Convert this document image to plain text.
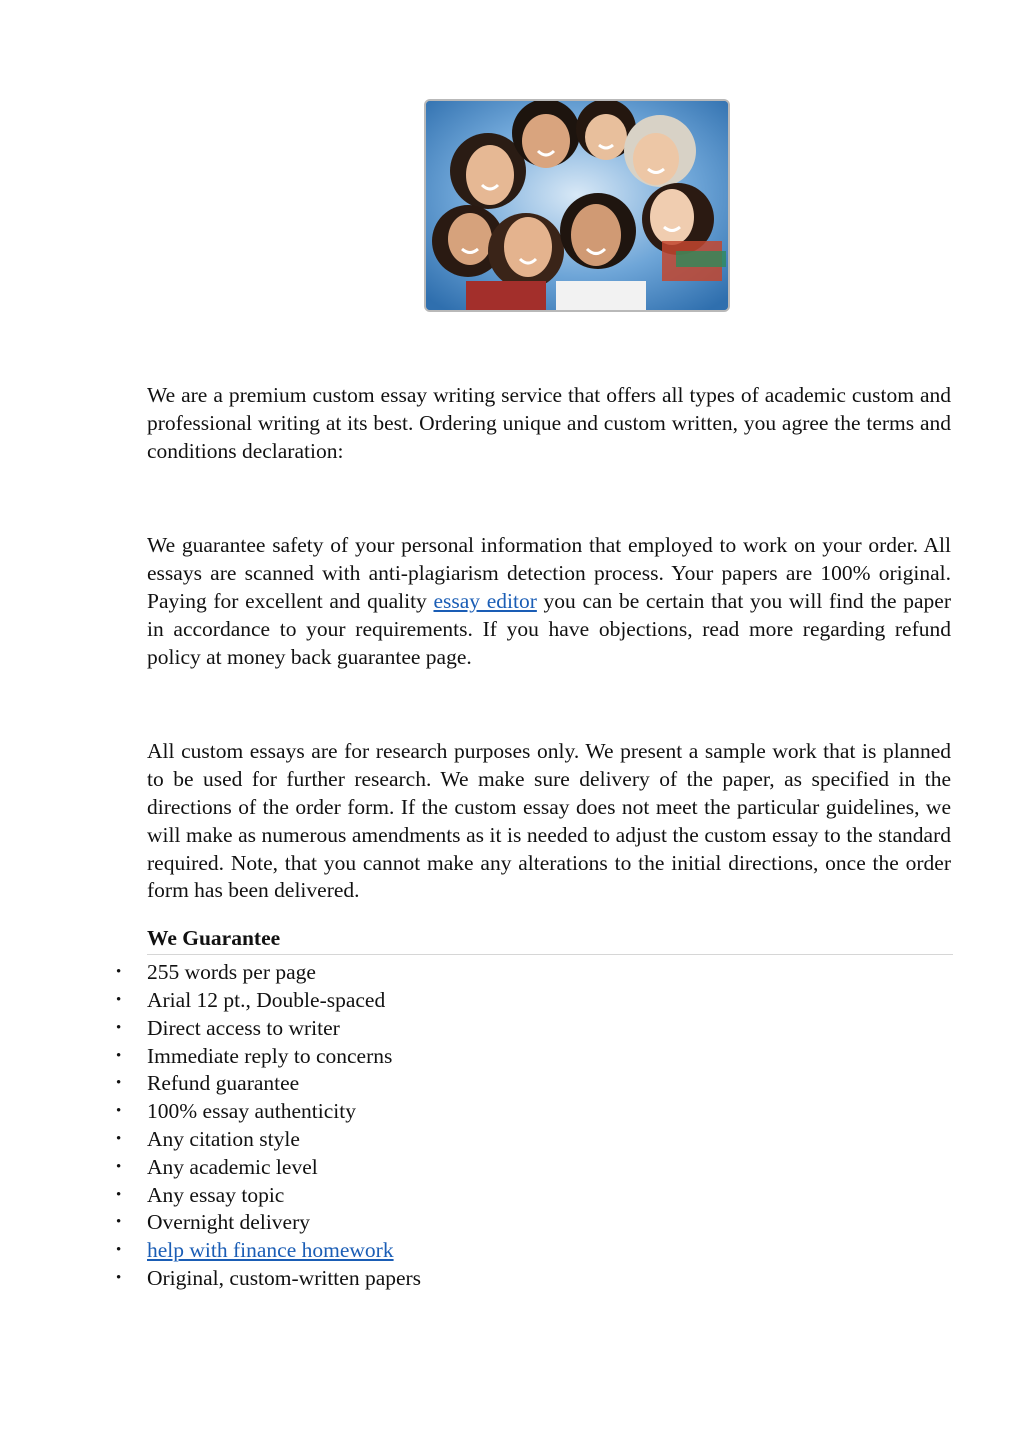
We are a premium custom essay writing service that offers all types of academic custom and professional writing at its best. Ordering unique and custom written, you agree the terms and conditions declaration:

We guarantee safety of your personal information that employed to work on your order. All essays are scanned with anti-plagiarism detection process. Your papers are 100% original. Paying for excellent and quality essay editor you can be certain that you will find the paper in accordance to your requirements. If you have objections, read more regarding refund policy at money back guarantee page.

All custom essays are for research purposes only. We present a sample work that is planned to be used for further research. We make sure delivery of the paper, as specified in the directions of the order form. If the custom essay does not meet the particular guidelines, we will make as numerous amendments as it is needed to adjust the custom essay to the standard required. Note, that you cannot make any alterations to the initial directions, once the order form has been delivered.

We Guarantee
• 255 words per page
• Arial 12 pt., Double-spaced
• Direct access to writer
• Immediate reply to concerns
• Refund guarantee
• 100% essay authenticity
• Any citation style
• Any academic level
• Any essay topic
• Overnight delivery
• help with finance homework
• Original, custom-written papers
